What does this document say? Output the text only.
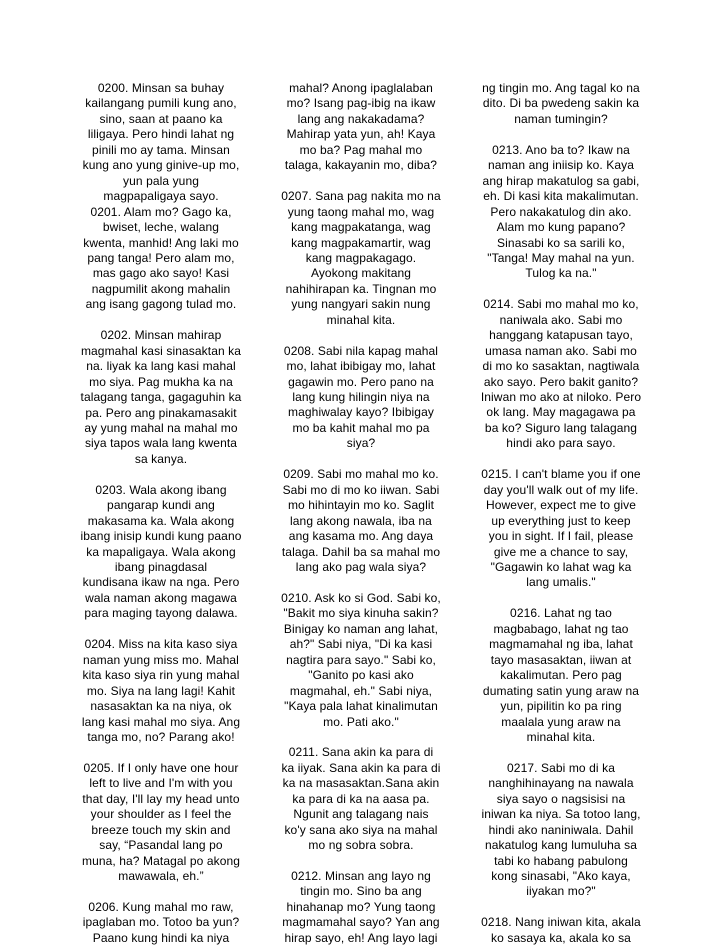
0200. Minsan sa buhay
kailangang pumili kung ano,
sino, saan at paano ka
liligaya. Pero hindi lahat ng
pinili mo ay tama. Minsan
kung ano yung ginive-up mo,
yun pala yung
magpapaligaya sayo.
0201. Alam mo? Gago ka,
bwiset, leche, walang
kwenta, manhid! Ang laki mo
pang tanga! Pero alam mo,
mas gago ako sayo! Kasi
nagpumilit akong mahalin
ang isang gagong tulad mo.
0202. Minsan mahirap
magmahal kasi sinasaktan ka
na. liyak ka lang kasi mahal
mo siya. Pag mukha ka na
talagang tanga, gagaguhin ka
pa. Pero ang pinakamasakit
ay yung mahal na mahal mo
siya tapos wala lang kwenta
sa kanya.
0203. Wala akong ibang
pangarap kundi ang
makasama ka. Wala akong
ibang inisip kundi kung paano
ka mapaligaya. Wala akong
ibang pinagdasal
kundisana ikaw na nga. Pero
wala naman akong magawa
para maging tayong dalawa.
0204. Miss na kita kaso siya
naman yung miss mo. Mahal
kita kaso siya rin yung mahal
mo. Siya na lang lagi! Kahit
nasasaktan ka na niya, ok
lang kasi mahal mo siya. Ang
tanga mo, no? Parang ako!
0205. If I only have one hour
left to live and I'm with you
that day, I'll lay my head unto
your shoulder as I feel the
breeze touch my skin and
say, “Pasandal lang po
muna, ha? Matagal po akong
mawawala, eh.”
0206. Kung mahal mo raw,
ipaglaban mo. Totoo ba yun?
Paano kung hindi ka niya
mahal? Anong ipaglalaban
mo? Isang pag-ibig na ikaw
lang ang nakakadama?
Mahirap yata yun, ah! Kaya
mo ba? Pag mahal mo
talaga, kakayanin mo, diba?
0207. Sana pag nakita mo na
yung taong mahal mo, wag
kang magpakatanga, wag
kang magpakamartir, wag
kang magpakagago.
Ayokong makitang
nahihirapan ka. Tingnan mo
yung nangyari sakin nung
minahal kita.
0208. Sabi nila kapag mahal
mo, lahat ibibigay mo, lahat
gagawin mo. Pero pano na
lang kung hilingin niya na
maghiwalay kayo? Ibibigay
mo ba kahit mahal mo pa
siya?
0209. Sabi mo mahal mo ko.
Sabi mo di mo ko iiwan. Sabi
mo hihintayin mo ko. Saglit
lang akong nawala, iba na
ang kasama mo. Ang daya
talaga. Dahil ba sa mahal mo
lang ako pag wala siya?
0210. Ask ko si God. Sabi ko,
"Bakit mo siya kinuha sakin?
Binigay ko naman ang lahat,
ah?" Sabi niya, "Di ka kasi
nagtira para sayo." Sabi ko,
"Ganito po kasi ako
magmahal, eh." Sabi niya,
"Kaya pala lahat kinalimutan
mo. Pati ako."
0211. Sana akin ka para di
ka iiyak. Sana akin ka para di
ka na masasaktan.Sana akin
ka para di ka na aasa pa.
Ngunit ang talagang nais
ko'y sana ako siya na mahal
mo ng sobra sobra.
0212. Minsan ang layo ng
tingin mo. Sino ba ang
hinahanap mo? Yung taong
magmamahal sayo? Yan ang
hirap sayo, eh! Ang layo lagi
ng tingin mo. Ang tagal ko na
dito. Di ba pwedeng sakin ka
naman tumingin?
0213. Ano ba to? Ikaw na
naman ang iniisip ko. Kaya
ang hirap makatulog sa gabi,
eh. Di kasi kita makalimutan.
Pero nakakatulog din ako.
Alam mo kung papano?
Sinasabi ko sa sarili ko,
"Tanga! May mahal na yun.
Tulog ka na."
0214. Sabi mo mahal mo ko,
naniwala ako. Sabi mo
hanggang katapusan tayo,
umasa naman ako. Sabi mo
di mo ko sasaktan, nagtiwala
ako sayo. Pero bakit ganito?
Iniwan mo ako at niloko. Pero
ok lang. May magagawa pa
ba ko? Siguro lang talagang
hindi ako para sayo.
0215. I can't blame you if one
day you'll walk out of my life.
However, expect me to give
up everything just to keep
you in sight. If I fail, please
give me a chance to say,
"Gagawin ko lahat wag ka
lang umalis."
0216. Lahat ng tao
magbabago, lahat ng tao
magmamahal ng iba, lahat
tayo masasaktan, iiwan at
kakalimutan. Pero pag
dumating satin yung araw na
yun, pipilitin ko pa ring
maalala yung araw na
minahal kita.
0217. Sabi mo di ka
nanghihinayang na nawala
siya sayo o nagsisisi na
iniwan ka niya. Sa totoo lang,
hindi ako naniniwala. Dahil
nakatulog kang lumuluha sa
tabi ko habang pabulong
kong sinasabi, "Ako kaya,
iiyakan mo?"
0218. Nang iniwan kita, akala
ko sasaya ka, akala ko sa
